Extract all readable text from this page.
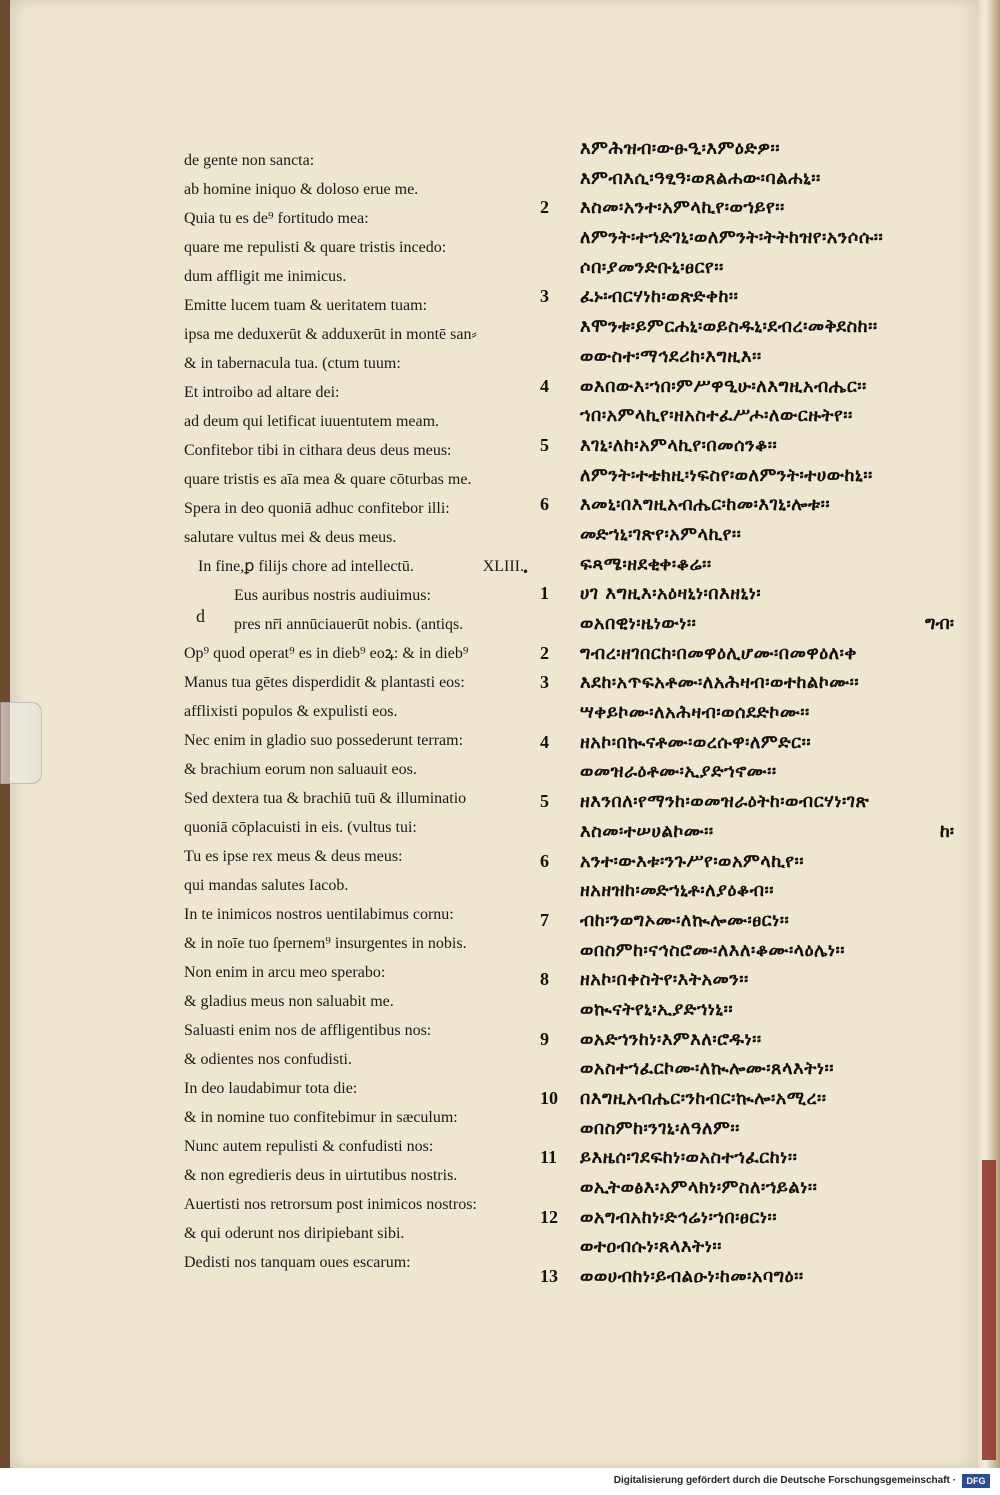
de gente non sancta:
ab homine iniquo & doloso erue me.
Quia tu es de⁹ fortitudo mea:
quare me repulisti & quare tristis incedo:
dum affligit me inimicus.
Emitte lucem tuam & ueritatem tuam:
ipsa me deduxerūt & adduxerūt in montē san⸗
& in tabernacula tua. (ctum tuum:
Et introibo ad altare dei:
ad deum qui letificat iuuentutem meam.
Confitebor tibi in cithara deus deus meus:
quare tristis es aīa mea & quare cōturbas me.
Spera in deo quoniā adhuc confitebor illi:
salutare vultus mei & deus meus.
In fine,ꝑ filijs chore ad intellectū.	XLIII.
Eus auribus nostris audiuimus:
pres nr̄i annūciauerūt nobis. (antiqs.
Op⁹ quod operat⁹ es in dieb⁹ eoꝝ: & in dieb⁹
Manus tua gētes disperdidit & plantasti eos:
afflixisti populos & expulisti eos.
Nec enim in gladio suo possederunt terram:
& brachium eorum non saluauit eos.
Sed dextera tua & brachiū tuū & illuminatio
quoniā cōplacuisti in eis. (vultus tui:
Tu es ipse rex meus & deus meus:
qui mandas salutes Iacob.
In te inimicos nostros uentilabimus cornu:
& in noīe tuo ſpernem⁹ insurgentes in nobis.
Non enim in arcu meo sperabo:
& gladius meus non saluabit me.
Saluasti enim nos de affligentibus nos:
& odientes nos confudisti.
In deo laudabimur tota die:
& in nomine tuo confitebimur in sæculum:
Nunc autem repulisti & confudisti nos:
& non egredieris deus in uirtutibus nostris.
Auertisti nos retrorsum post inimicos nostros:
& qui oderunt nos diripiebant sibi.
Dedisti nos tanquam oues escarum:
d
•
እምሕዝብ፡ውፁዒ፡እምዕድዎ፡፡
እምብእሲ፡ዓፂዓ፡ወጸልሐው፡ባልሐኒ፡፡
2	እስመ፡አንተ፡አምላኪየ፡ወኀይየ፡፡
ለምንት፡ተኀድገኒ፡ወለምንት፡ትትከዝየ፡አንሶሱ፡፡
ሶበ፡ያመንድቡኒ፡ፀርየ፡፡
3	ፈኑ፡ብርሃነከ፡ወጽድቀከ፡፡
እሞንቱ፡ይምርሐኒ፡ወይስዱኒ፡ደብረ፡መቅደስከ፡፡
ወውስተ፡ማኅደሪከ፡እግዚእ፡፡
4	ወእበውእ፡ኀበ፡ምሥዋዒሁ፡ለእግዚአብሔር፡፡
ኀበ፡አምላኪየ፡ዘአስተፈሥሖ፡ለውርዙትየ፡፡
5	እገኒ፡ለከ፡አምላኪየ፡በመሰንቆ፡፡
ለምንት፡ተቴክዚ፡ነፍስየ፡ወለምንት፡ተሀውከኒ፡፡
6	እመኒ፡በእግዚአብሔር፡ከመ፡እገኒ፡ሎቱ፡፡
መድኀኒ፡ገጽየ፡አምላኪየ፡፡
ፍጻሜ፡ዘደቂቀ፡ቆሬ፡፡
1	ሀገ እግዚእ፡አዕዛኒነ፡በእዘኒነ፡
ወአበዊነ፡ዜነውነ፡፡	ግብ፡
2	ግብረ፡ዘገበርከ፡በመዋዕሊሆሙ፡በመዋዕለ፡ቀ
3	እደከ፡አጥፍአቶሙ፡ለአሕዛብ፡ወተከልኮሙ፡፡
ሣቀይኮሙ፡ለአሕዛብ፡ወሰደድኮሙ፡፡
4	ዘአኮ፡በኲናቶሙ፡ወረሱዋ፡ለምድር፡፡
ወመዝራዕቶሙ፡ኢያድኀኖሙ፡፡
5	ዘእንበለ፡የማንከ፡ወመዝራዕትከ፡ወብርሃነ፡ገጽ
እስመ፡ተሠሀልኮሙ፡፡	ከ፡
6	አንተ፡ውእቱ፡ንጉሥየ፡ወአምላኪየ፡፡
ዘአዘዝከ፡መድኀኒቶ፡ለያዕቆብ፡፡
7	ብከ፡ንወግኦሙ፡ለኲሎሙ፡ፀርነ፡፡
ወበስምከ፡ናኅስሮሙ፡ለእለ፡ቆሙ፡ላዕሌነ፡፡
8	ዘአኮ፡በቀስትየ፡እትአመን፡፡
ወኲናትየኒ፡ኢያድኀነኒ፡፡
9	ወአድኀንከነ፡እምእለ፡ሮዱነ፡፡
ወአስተኀፈርኮሙ፡ለኲሎሙ፡ጸላእትነ፡፡
10	በእግዚአብሔር፡ንከብር፡ኲሎ፡አሚረ፡፡
ወበስምከ፡ንገኒ፡ለዓለም፡፡
11	ይእዜሰ፡ገደፍከነ፡ወአስተኀፈርከነ፡፡
ወኢትወፅእ፡አምላክነ፡ምስለ፡ኀይልነ፡፡
12	ወአግብአከነ፡ድኅሬነ፡ኀበ፡ፀርነ፡፡
ወተዐብሱነ፡ጸላእትነ፡፡
13	ወወሀብከነ፡ይብልዑነ፡ከመ፡አባግዕ፡፡
Digitalisierung gefördert durch die Deutsche Forschungsgemeinschaft ·	DFG
